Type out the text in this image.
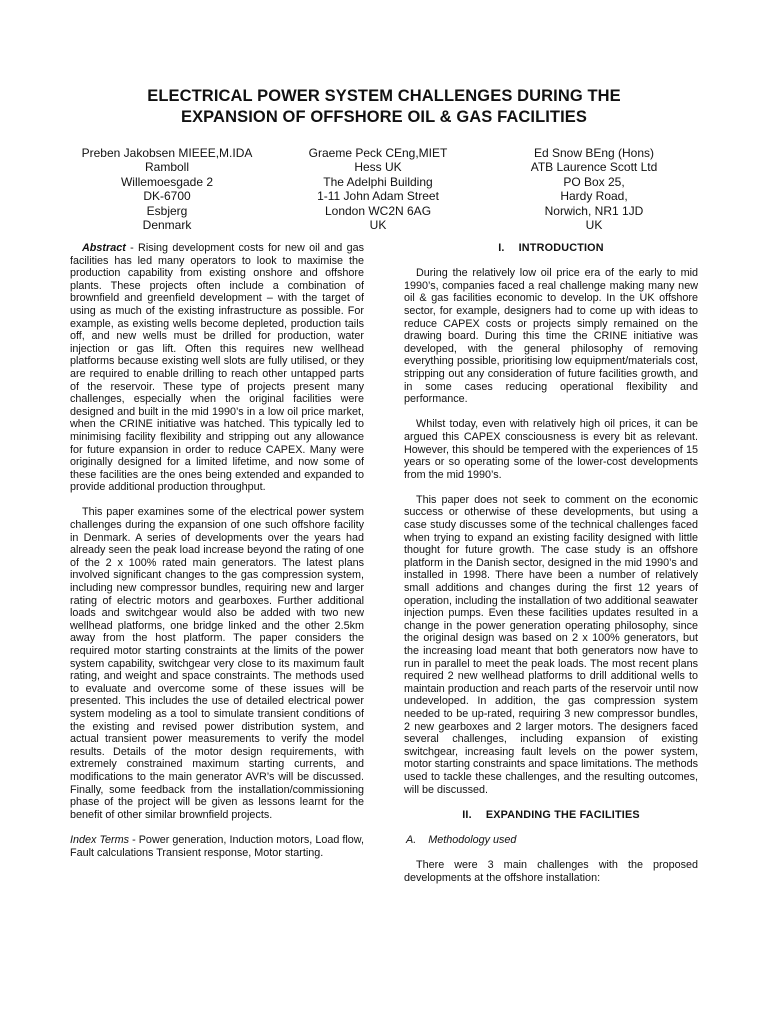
ELECTRICAL POWER SYSTEM CHALLENGES DURING THE
EXPANSION OF OFFSHORE OIL & GAS FACILITIES
Preben Jakobsen MIEEE,M.IDA
Ramboll
Willemoesgade 2
DK-6700
Esbjerg
Denmark
Graeme Peck CEng,MIET
Hess UK
The Adelphi Building
1-11 John Adam Street
London WC2N 6AG
UK
Ed Snow BEng (Hons)
ATB Laurence Scott Ltd
PO Box 25,
Hardy Road,
Norwich, NR1 1JD
UK

Abstract - Rising development costs for new oil and gas facilities has led many operators to look to maximise the production capability from existing onshore and offshore plants. These projects often include a combination of brownfield and greenfield development – with the target of using as much of the existing infrastructure as possible. For example, as existing wells become depleted, production tails off, and new wells must be drilled for production, water injection or gas lift. Often this requires new wellhead platforms because existing well slots are fully utilised, or they are required to enable drilling to reach other untapped parts of the reservoir. These type of projects present many challenges, especially when the original facilities were designed and built in the mid 1990’s in a low oil price market, when the CRINE initiative was hatched. This typically led to minimising facility flexibility and stripping out any allowance for future expansion in order to reduce CAPEX. Many were originally designed for a limited lifetime, and now some of these facilities are the ones being extended and expanded to provide additional production throughput.

This paper examines some of the electrical power system challenges during the expansion of one such offshore facility in Denmark. A series of developments over the years had already seen the peak load increase beyond the rating of one of the 2 x 100% rated main generators. The latest plans involved significant changes to the gas compression system, including new compressor bundles, requiring new and larger rating of electric motors and gearboxes. Further additional loads and switchgear would also be added with two new wellhead platforms, one bridge linked and the other 2.5km away from the host platform. The paper considers the required motor starting constraints at the limits of the power system capability, switchgear very close to its maximum fault rating, and weight and space constraints. The methods used to evaluate and overcome some of these issues will be presented. This includes the use of detailed electrical power system modeling as a tool to simulate transient conditions of the existing and revised power distribution system, and actual transient power measurements to verify the model results. Details of the motor design requirements, with extremely constrained maximum starting currents, and modifications to the main generator AVR’s will be discussed. Finally, some feedback from the installation/commissioning phase of the project will be given as lessons learnt for the benefit of other similar brownfield projects.

Index Terms - Power generation, Induction motors, Load flow, Fault calculations Transient response, Motor starting.

I. INTRODUCTION

During the relatively low oil price era of the early to mid 1990’s, companies faced a real challenge making many new oil & gas facilities economic to develop. In the UK offshore sector, for example, designers had to come up with ideas to reduce CAPEX costs or projects simply remained on the drawing board. During this time the CRINE initiative was developed, with the general philosophy of removing everything possible, prioritising low equipment/materials cost, stripping out any consideration of future facilities growth, and in some cases reducing operational flexibility and performance.

Whilst today, even with relatively high oil prices, it can be argued this CAPEX consciousness is every bit as relevant. However, this should be tempered with the experiences of 15 years or so operating some of the lower-cost developments from the mid 1990’s.

This paper does not seek to comment on the economic success or otherwise of these developments, but using a case study discusses some of the technical challenges faced when trying to expand an existing facility designed with little thought for future growth. The case study is an offshore platform in the Danish sector, designed in the mid 1990’s and installed in 1998. There have been a number of relatively small additions and changes during the first 12 years of operation, including the installation of two additional seawater injection pumps. Even these facilities updates resulted in a change in the power generation operating philosophy, since the original design was based on 2 x 100% generators, but the increasing load meant that both generators now have to run in parallel to meet the peak loads. The most recent plans required 2 new wellhead platforms to drill additional wells to maintain production and reach parts of the reservoir until now undeveloped. In addition, the gas compression system needed to be up-rated, requiring 3 new compressor bundles, 2 new gearboxes and 2 larger motors. The designers faced several challenges, including expansion of existing switchgear, increasing fault levels on the power system, motor starting constraints and space limitations. The methods used to tackle these challenges, and the resulting outcomes, will be discussed.

II. EXPANDING THE FACILITIES
A. Methodology used

There were 3 main challenges with the proposed developments at the offshore installation:
